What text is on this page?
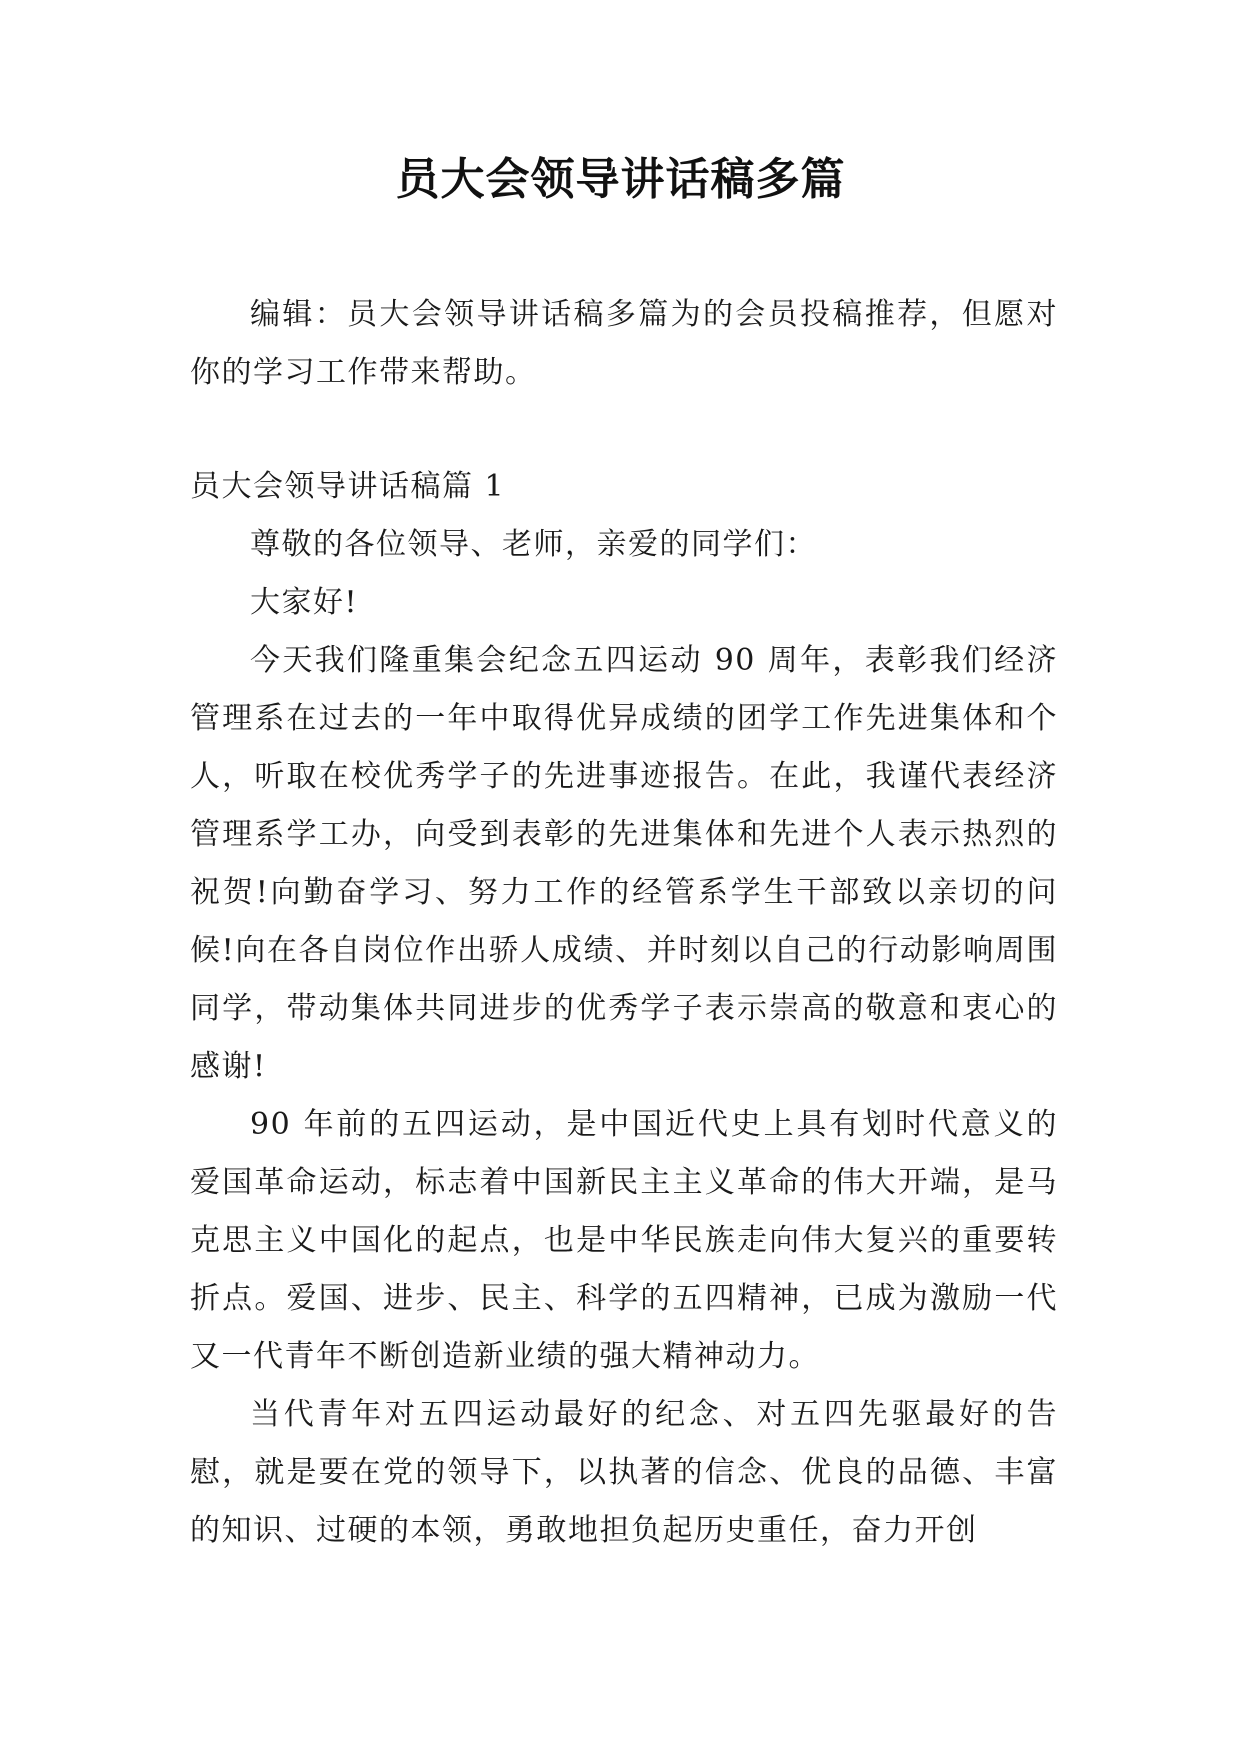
员大会领导讲话稿多篇

编辑：员大会领导讲话稿多篇为的会员投稿推荐，但愿对你的学习工作带来帮助。

员大会领导讲话稿篇 1

尊敬的各位领导、老师，亲爱的同学们：

大家好!

今天我们隆重集会纪念五四运动 90 周年，表彰我们经济管理系在过去的一年中取得优异成绩的团学工作先进集体和个人，听取在校优秀学子的先进事迹报告。在此，我谨代表经济管理系学工办，向受到表彰的先进集体和先进个人表示热烈的祝贺!向勤奋学习、努力工作的经管系学生干部致以亲切的问候!向在各自岗位作出骄人成绩、并时刻以自己的行动影响周围同学，带动集体共同进步的优秀学子表示崇高的敬意和衷心的感谢!

90 年前的五四运动，是中国近代史上具有划时代意义的爱国革命运动，标志着中国新民主主义革命的伟大开端，是马克思主义中国化的起点，也是中华民族走向伟大复兴的重要转折点。爱国、进步、民主、科学的五四精神，已成为激励一代又一代青年不断创造新业绩的强大精神动力。

当代青年对五四运动最好的纪念、对五四先驱最好的告慰，就是要在党的领导下，以执著的信念、优良的品德、丰富的知识、过硬的本领，勇敢地担负起历史重任，奋力开创
